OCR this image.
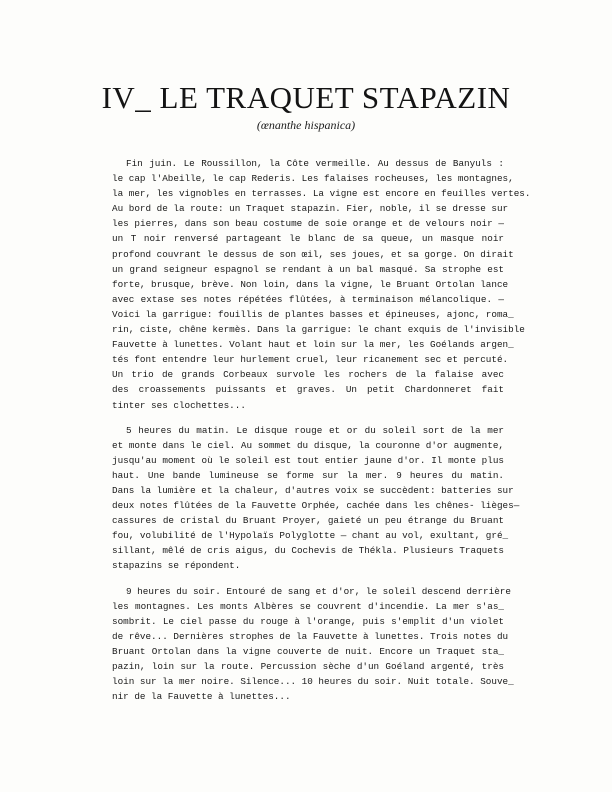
IV_ LE TRAQUET STAPAZIN

(œnanthe hispanica)

Fin juin. Le Roussillon, la Côte vermeille. Au dessus de Banyuls :
le cap l'Abeille, le cap Rederis. Les falaises rocheuses, les montagnes,
la mer, les vignobles en terrasses. La vigne est encore en feuilles vertes.
Au bord de la route: un Traquet stapazin. Fier, noble, il se dresse sur
les pierres, dans son beau costume de soie orange et de velours noir —
un T noir renversé partageant le blanc de sa queue, un masque noir
profond couvrant le dessus de son œil, ses joues, et sa gorge. On dirait
un grand seigneur espagnol se rendant à un bal masqué. Sa strophe est
forte, brusque, brève. Non loin, dans la vigne, le Bruant Ortolan lance
avec extase ses notes répétées flûtées, à terminaison mélancolique. —
Voici la garrigue: fouillis de plantes basses et épineuses, ajonc, roma_
rin, ciste, chêne kermès. Dans la garrigue: le chant exquis de l'invisible
Fauvette à lunettes. Volant haut et loin sur la mer, les Goélands argen_
tés font entendre leur hurlement cruel, leur ricanement sec et percuté.
Un trio de grands Corbeaux survole les rochers de la falaise avec
des croassements puissants et graves. Un petit Chardonneret fait
tinter ses clochettes...
5 heures du matin. Le disque rouge et or du soleil sort de la mer
et monte dans le ciel. Au sommet du disque, la couronne d'or augmente,
jusqu'au moment où le soleil est tout entier jaune d'or. Il monte plus
haut. Une bande lumineuse se forme sur la mer. 9 heures du matin.
Dans la lumière et la chaleur, d'autres voix se succèdent: batteries sur
deux notes flûtées de la Fauvette Orphée, cachée dans les chênes- lièges—
cassures de cristal du Bruant Proyer, gaieté un peu étrange du Bruant
fou, volubilité de l'Hypolaïs Polyglotte — chant au vol, exultant, gré_
sillant, mêlé de cris aigus, du Cochevis de Thékla. Plusieurs Traquets
stapazins se répondent.
9 heures du soir. Entouré de sang et d'or, le soleil descend derrière
les montagnes. Les monts Albères se couvrent d'incendie. La mer s'as_
sombrit. Le ciel passe du rouge à l'orange, puis s'emplit d'un violet
de rêve... Dernières strophes de la Fauvette à lunettes. Trois notes du
Bruant Ortolan dans la vigne couverte de nuit. Encore un Traquet sta_
pazin, loin sur la route. Percussion sèche d'un Goéland argenté, très
loin sur la mer noire. Silence... 10 heures du soir. Nuit totale. Souve_
nir de la Fauvette à lunettes...
